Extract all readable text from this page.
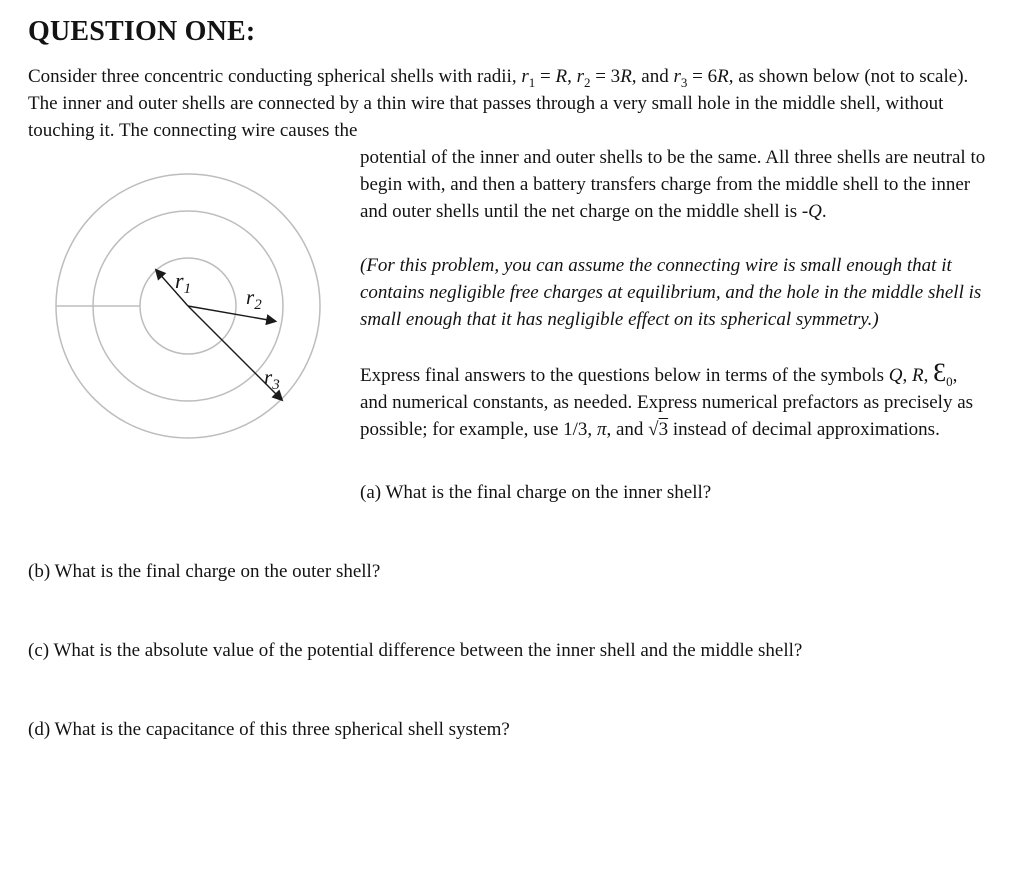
QUESTION ONE:

Consider three concentric conducting spherical shells with radii, $r_1 = R$, $r_2 = 3R$, and $r_3 = 6R$, as shown below (not to scale). The inner and outer shells are connected by a thin wire that passes through a very small hole in the middle shell, without touching it. The connecting wire causes the

$r_1$	$r_2$
$r_3$

potential of the inner and outer shells to be the same. All three shells are neutral to begin with, and then a battery transfers charge from the middle shell to the inner and outer shells until the net charge on the middle shell is -Q.

(For this problem, you can assume the connecting wire is small enough that it contains negligible free charges at equilibrium, and the hole in the middle shell is small enough that it has negligible effect on its spherical symmetry.)

Express final answers to the questions below in terms of the symbols Q, R, $Ɛ_0$, and numerical constants, as needed. Express numerical prefactors as precisely as possible; for example, use 1/3, π, and √3 instead of decimal approximations.

(a) What is the final charge on the inner shell?

(b) What is the final charge on the outer shell?

(c) What is the absolute value of the potential difference between the inner shell and the middle shell?

(d) What is the capacitance of this three spherical shell system?
